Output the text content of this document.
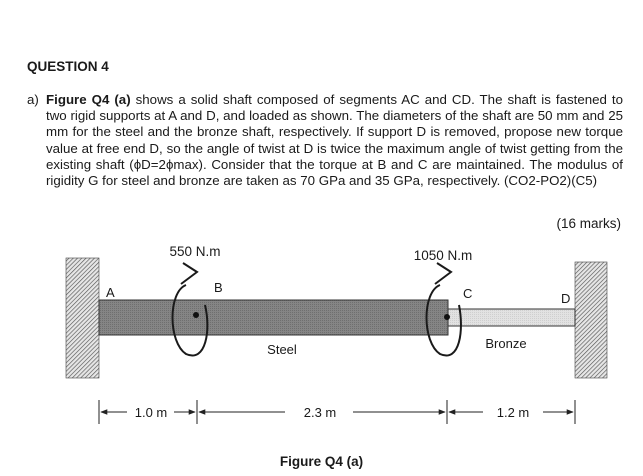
QUESTION 4
a) Figure Q4 (a) shows a solid shaft composed of segments AC and CD. The shaft is fastened to two rigid supports at A and D, and loaded as shown. The diameters of the shaft are 50 mm and 25 mm for the steel and the bronze shaft, respectively. If support D is removed, propose new torque value at free end D, so the angle of twist at D is twice the maximum angle of twist getting from the existing shaft (ϕD=2ϕmax). Consider that the torque at B and C are maintained. The modulus of rigidity G for steel and bronze are taken as 70 GPa and 35 GPa, respectively. (CO2-PO2)(C5)
(16 marks)
550 N.m	1050 N.m
A	B	C	D
Steel	Bronze
1.0 m	2.3 m	1.2 m
Figure Q4 (a)
